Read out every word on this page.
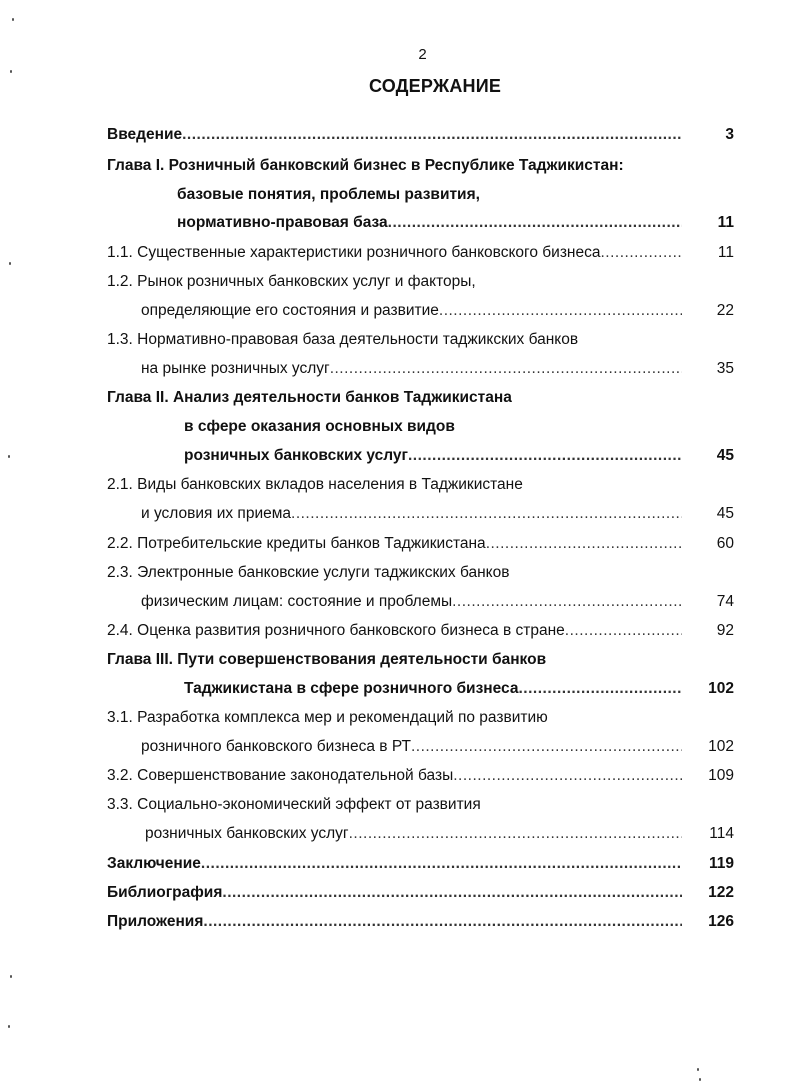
2
СОДЕРЖАНИЕ
Введение .....	3
Глава I. Розничный банковский бизнес в Республике Таджикистан:
базовые понятия, проблемы развития,
нормативно-правовая база .....	11
1.1. Существенные характеристики розничного банковского бизнеса .....	11
1.2. Рынок розничных банковских услуг и факторы,
определяющие его состояния и развитие .....	22
1.3. Нормативно-правовая база деятельности таджикских банков
на рынке розничных услуг .....	35
Глава II. Анализ деятельности банков Таджикистана
в сфере оказания основных видов
розничных банковских услуг .....	45
2.1. Виды банковских вкладов населения в Таджикистане
и условия их приема .....	45
2.2. Потребительские кредиты банков Таджикистана .....	60
2.3. Электронные банковские услуги таджикских банков
физическим лицам: состояние и проблемы .....	74
2.4. Оценка развития розничного банковского бизнеса в стране .....	92
Глава III. Пути совершенствования деятельности банков
Таджикистана в сфере розничного бизнеса .....	102
3.1. Разработка комплекса мер и рекомендаций по развитию
розничного банковского бизнеса в РТ .....	102
3.2. Совершенствование законодательной базы .....	109
3.3. Социально-экономический эффект от развития
розничных банковских услуг .....	114
Заключение .....	119
Библиография .....	122
Приложения .....	126
